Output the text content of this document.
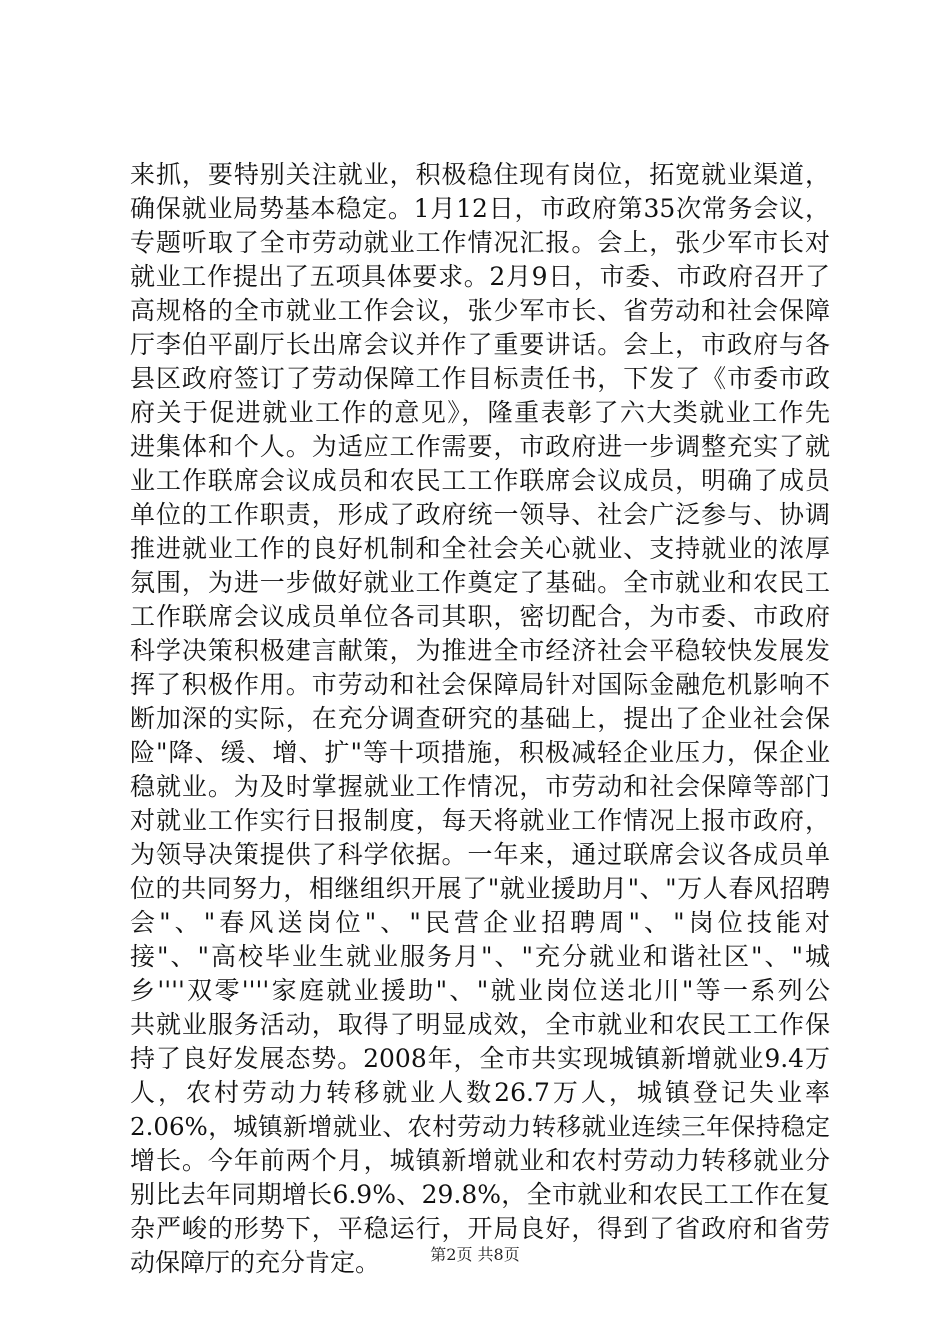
来抓，要特别关注就业，积极稳住现有岗位，拓宽就业渠道，
确保就业局势基本稳定。1月12日，市政府第35次常务会议，
专题听取了全市劳动就业工作情况汇报。会上，张少军市长对
就业工作提出了五项具体要求。2月9日，市委、市政府召开了
高规格的全市就业工作会议，张少军市长、省劳动和社会保障
厅李伯平副厅长出席会议并作了重要讲话。会上，市政府与各
县区政府签订了劳动保障工作目标责任书，下发了《市委市政
府关于促进就业工作的意见》，隆重表彰了六大类就业工作先
进集体和个人。为适应工作需要，市政府进一步调整充实了就
业工作联席会议成员和农民工工作联席会议成员，明确了成员
单位的工作职责，形成了政府统一领导、社会广泛参与、协调
推进就业工作的良好机制和全社会关心就业、支持就业的浓厚
氛围，为进一步做好就业工作奠定了基础。全市就业和农民工
工作联席会议成员单位各司其职，密切配合，为市委、市政府
科学决策积极建言献策，为推进全市经济社会平稳较快发展发
挥了积极作用。市劳动和社会保障局针对国际金融危机影响不
断加深的实际，在充分调查研究的基础上，提出了企业社会保
险"降、缓、增、扩"等十项措施，积极减轻企业压力，保企业
稳就业。为及时掌握就业工作情况，市劳动和社会保障等部门
对就业工作实行日报制度，每天将就业工作情况上报市政府，
为领导决策提供了科学依据。一年来，通过联席会议各成员单
位的共同努力，相继组织开展了"就业援助月"、"万人春风招聘
会"、"春风送岗位"、"民营企业招聘周"、"岗位技能对
接"、"高校毕业生就业服务月"、"充分就业和谐社区"、"城
乡''''双零''''家庭就业援助"、"就业岗位送北川"等一系列公
共就业服务活动，取得了明显成效，全市就业和农民工工作保
持了良好发展态势。2008年，全市共实现城镇新增就业9.4万
人，农村劳动力转移就业人数26.7万人，城镇登记失业率
2.06%，城镇新增就业、农村劳动力转移就业连续三年保持稳定
增长。今年前两个月，城镇新增就业和农村劳动力转移就业分
别比去年同期增长6.9%、29.8%，全市就业和农民工工作在复
杂严峻的形势下，平稳运行，开局良好，得到了省政府和省劳
动保障厅的充分肯定。	第2页 共8页
